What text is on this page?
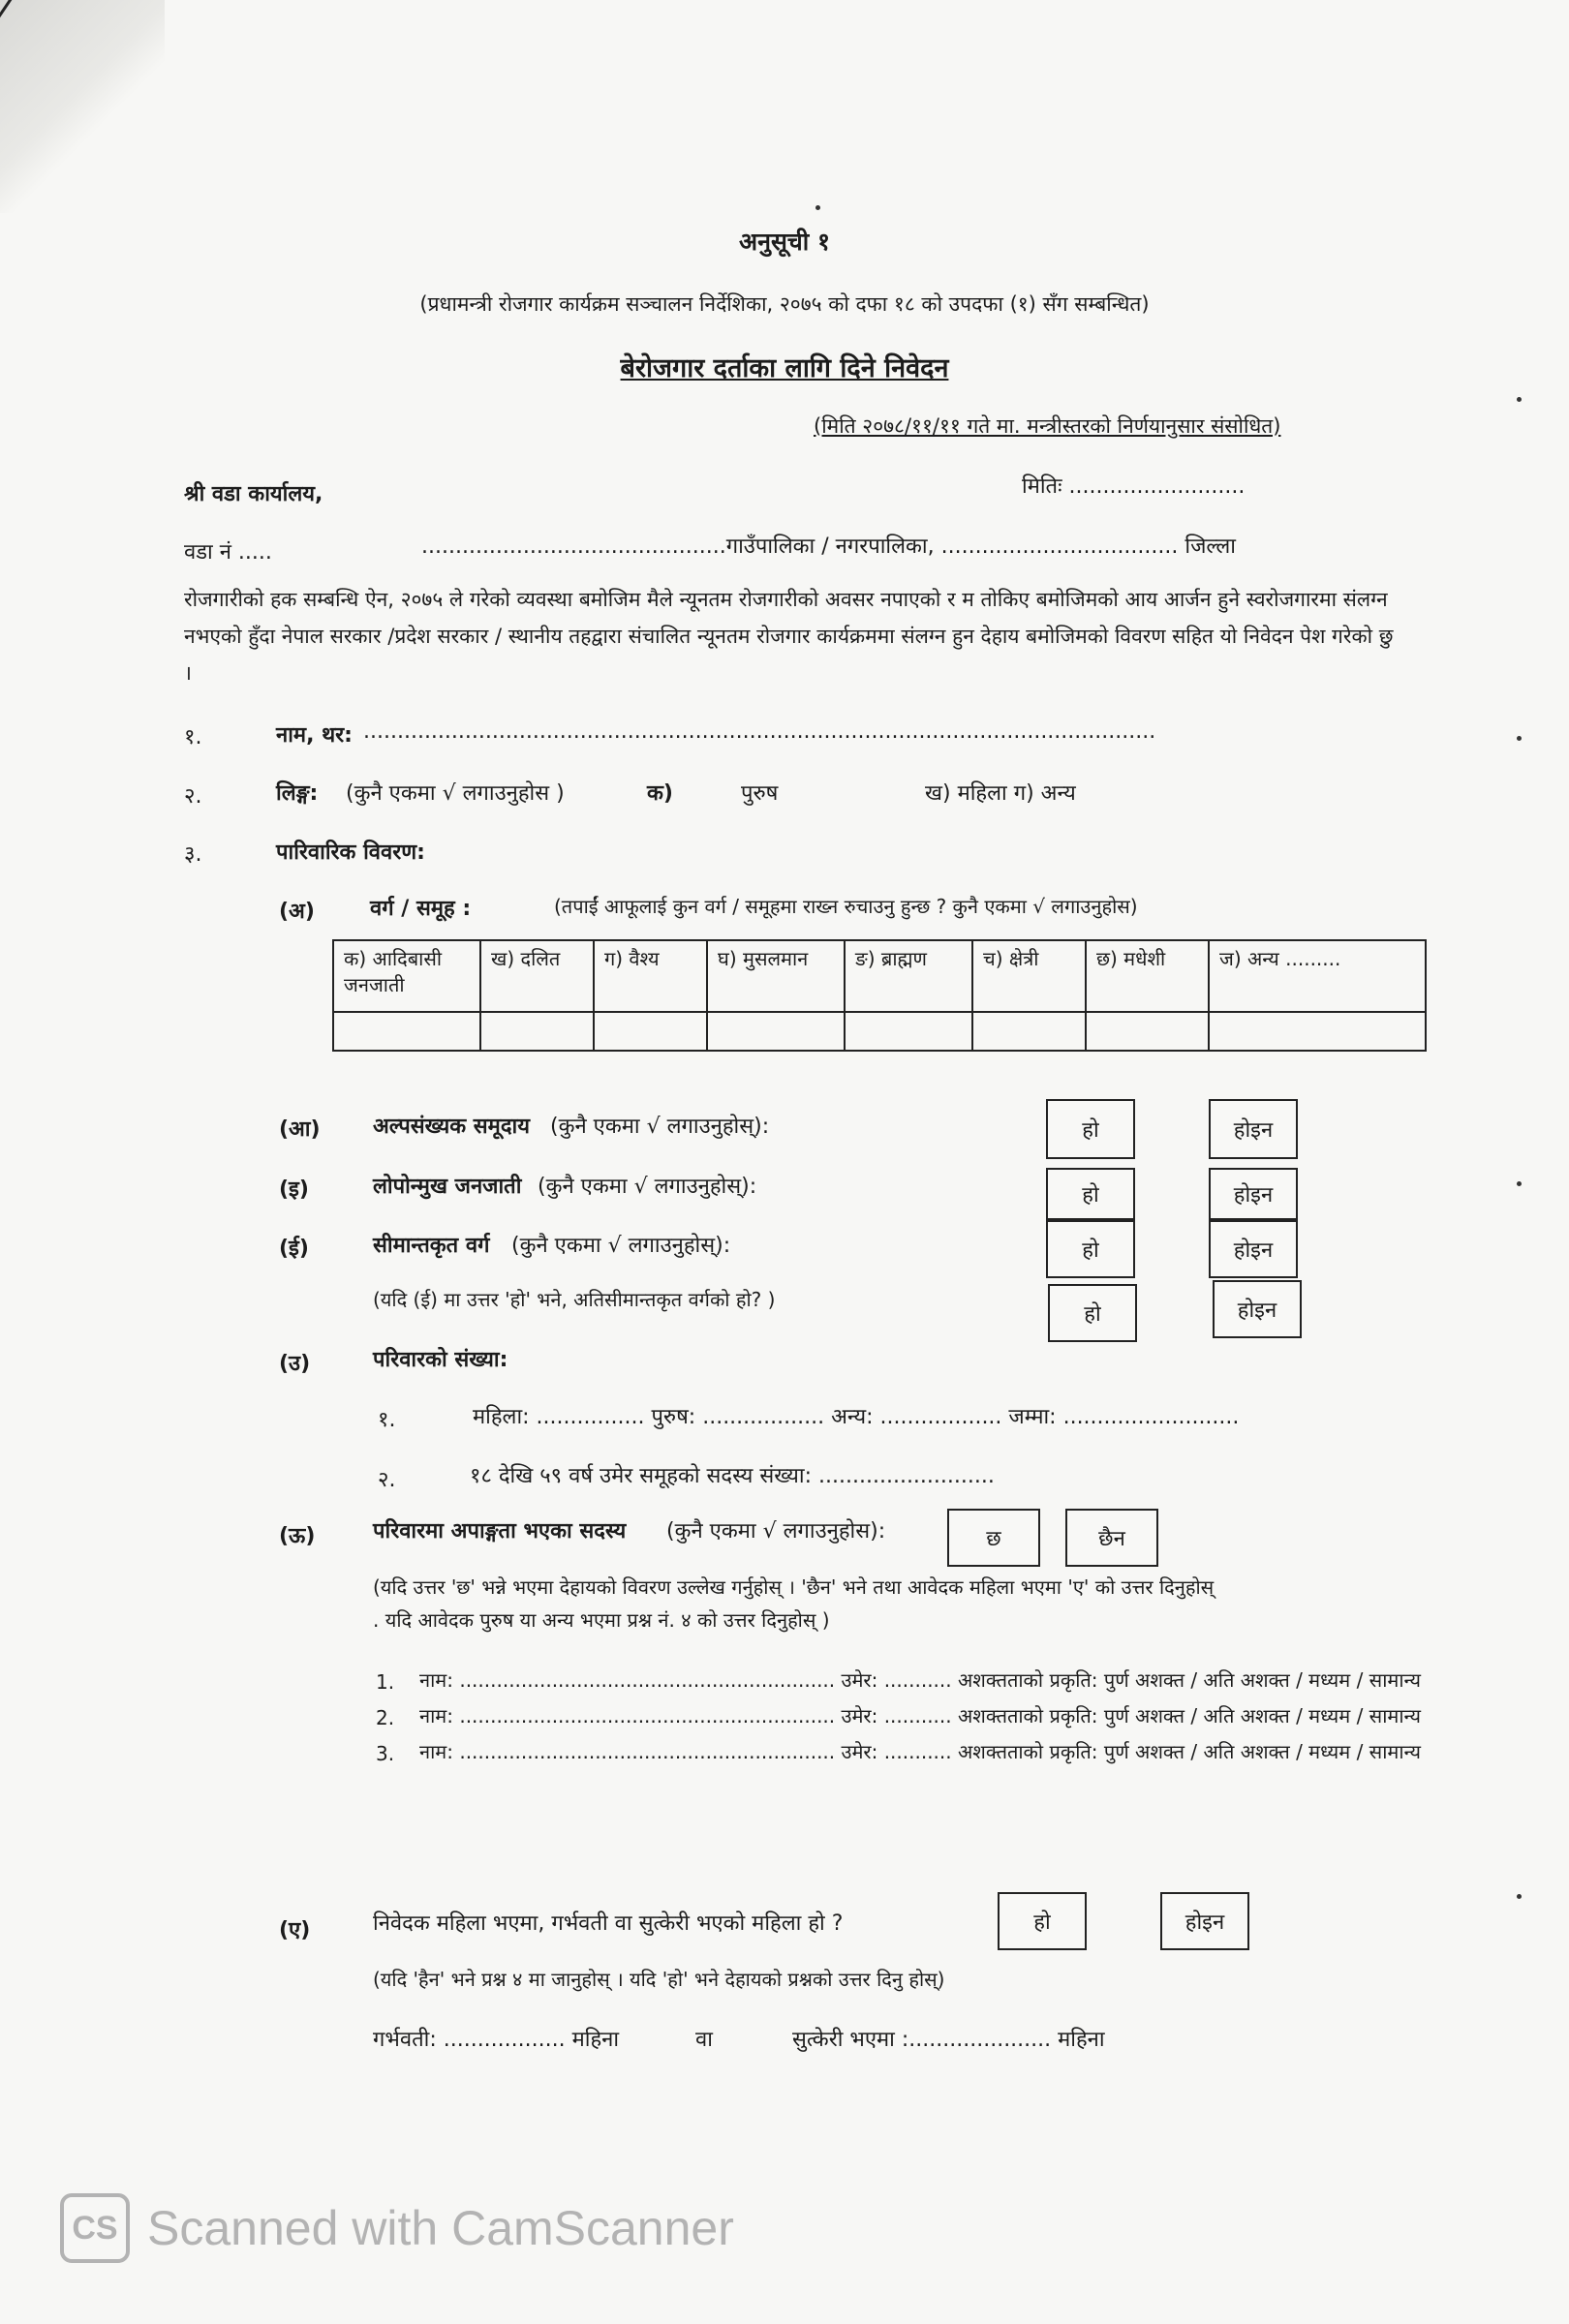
अनुसूची १
(प्रधामन्त्री रोजगार कार्यक्रम सञ्चालन निर्देशिका, २०७५ को दफा १८ को उपदफा (१) सँग सम्बन्धित)
बेरोजगार दर्ताका लागि दिने निवेदन
(मिति २०७८/११/११ गते मा. मन्त्रीस्तरको निर्णयानुसार संसोधित)
श्री वडा कार्यालय,	मितिः ..........................
वडा नं .....	.............................................गाउँपालिका / नगरपालिका, ................................... जिल्ला
रोजगारीको हक सम्बन्धि ऐन, २०७५ ले गरेको व्यवस्था बमोजिम मैले न्यूनतम रोजगारीको अवसर नपाएको र म तोकिए बमोजिमको आय आर्जन हुने स्वरोजगारमा संलग्न नभएको हुँदा नेपाल सरकार /प्रदेश सरकार / स्थानीय तहद्वारा संचालित न्यूनतम रोजगार कार्यक्रममा संलग्न हुन देहाय बमोजिमको विवरण सहित यो निवेदन पेश गरेको छु ।
१.	नाम, थर: .....................................................................................................................
२.	लिङ्ग: (कुनै एकमा √ लगाउनुहोस )	क)	पुरुष	ख) महिला ग) अन्य
३.	पारिवारिक विवरण:
(अ)	वर्ग / समूह :	(तपाईं आफूलाई कुन वर्ग / समूहमा राख्न रुचाउनु हुन्छ ? कुनै एकमा √ लगाउनुहोस)
क) आदिबासी जनजाती	ख) दलित	ग) वैश्य	घ) मुसलमान	ङ) ब्राह्मण	च) क्षेत्री	छ) मधेशी	ज) अन्य .........

(आ) अल्पसंख्यक समूदाय (कुनै एकमा √ लगाउनुहोस्):	हो	होइन
(इ)	लोपोन्मुख जनजाती (कुनै एकमा √ लगाउनुहोस्):	हो	होइन
(ई)	सीमान्तकृत वर्ग (कुनै एकमा √ लगाउनुहोस्):	हो	होइन
(यदि (ई) मा उत्तर 'हो' भने, अतिसीमान्तकृत वर्गको हो? )
हो	होइन
(उ)	परिवारको संख्या:
१.	महिला: ................ पुरुष: .................. अन्य: .................. जम्मा: ..........................
२.	१८ देखि ५९ वर्ष उमेर समूहको सदस्य संख्या: ..........................
(ऊ)	परिवारमा अपाङ्गता भएका सदस्य (कुनै एकमा √ लगाउनुहोस):	छ	छैन
(यदि उत्तर 'छ' भन्ने भएमा देहायको विवरण उल्लेख गर्नुहोस् । 'छैन' भने तथा आवेदक महिला भएमा 'ए' को उत्तर दिनुहोस्
. यदि आवेदक पुरुष या अन्य भएमा प्रश्न नं. ४ को उत्तर दिनुहोस् )
1. नाम: ............................................................. उमेर: ........... अशक्तताको प्रकृति: पुर्ण अशक्त / अति अशक्त / मध्यम / सामान्य
2. नाम: ............................................................. उमेर: ........... अशक्तताको प्रकृति: पुर्ण अशक्त / अति अशक्त / मध्यम / सामान्य
3. नाम: ............................................................. उमेर: ........... अशक्तताको प्रकृति: पुर्ण अशक्त / अति अशक्त / मध्यम / सामान्य
(ए)	निवेदक महिला भएमा, गर्भवती वा सुत्केरी भएको महिला हो ?	हो	होइन
(यदि 'हैन' भने प्रश्न ४ मा जानुहोस् । यदि 'हो' भने देहायको प्रश्नको उत्तर दिनु होस्)
गर्भवती: .................. महिना	वा	सुत्केरी भएमा :..................... महिना
CS Scanned with CamScanner
